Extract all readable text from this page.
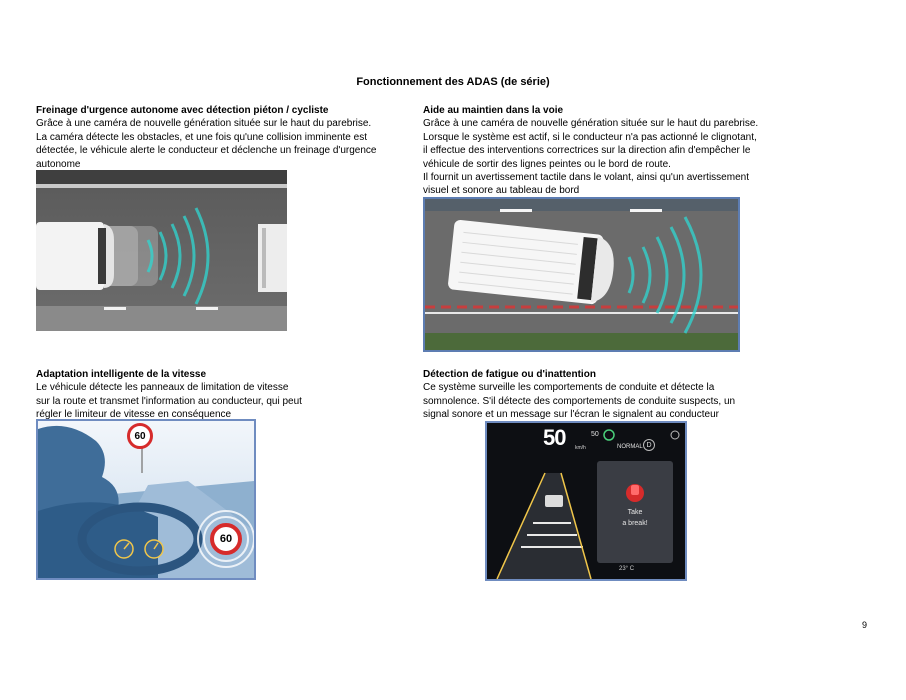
Fonctionnement des ADAS (de série)
Freinage d'urgence autonome avec détection piéton / cycliste

Grâce à une caméra de nouvelle génération située sur le haut du parebrise.

La caméra détecte les obstacles, et une fois qu'une collision imminente est

détectée, le véhicule alerte le conducteur et déclenche un freinage d'urgence

autonome

Aide au maintien dans la voie

Grâce à une caméra de nouvelle génération située sur le haut du parebrise.

Lorsque le système est actif, si le conducteur n'a pas actionné le clignotant,

il effectue des interventions correctrices sur la direction afin d'empêcher le

véhicule de sortir des lignes peintes ou le bord de route.

Il fournit un avertissement tactile dans le volant, ainsi qu'un avertissement

visuel et sonore au tableau de bord

Adaptation intelligente de la vitesse

Le véhicule détecte les panneaux de limitation de vitesse

sur la route et transmet l'information au conducteur, qui peut

régler le limiteur de vitesse en conséquence

60
60
Détection de fatigue ou d'inattention

Ce système surveille les comportements de conduite et détecte la

somnolence. S'il détecte des comportements de conduite suspects, un

signal sonore et un message sur l'écran le signalent au conducteur

50 km/h
50
NORMAL D
Take
a break!
23° C
9
